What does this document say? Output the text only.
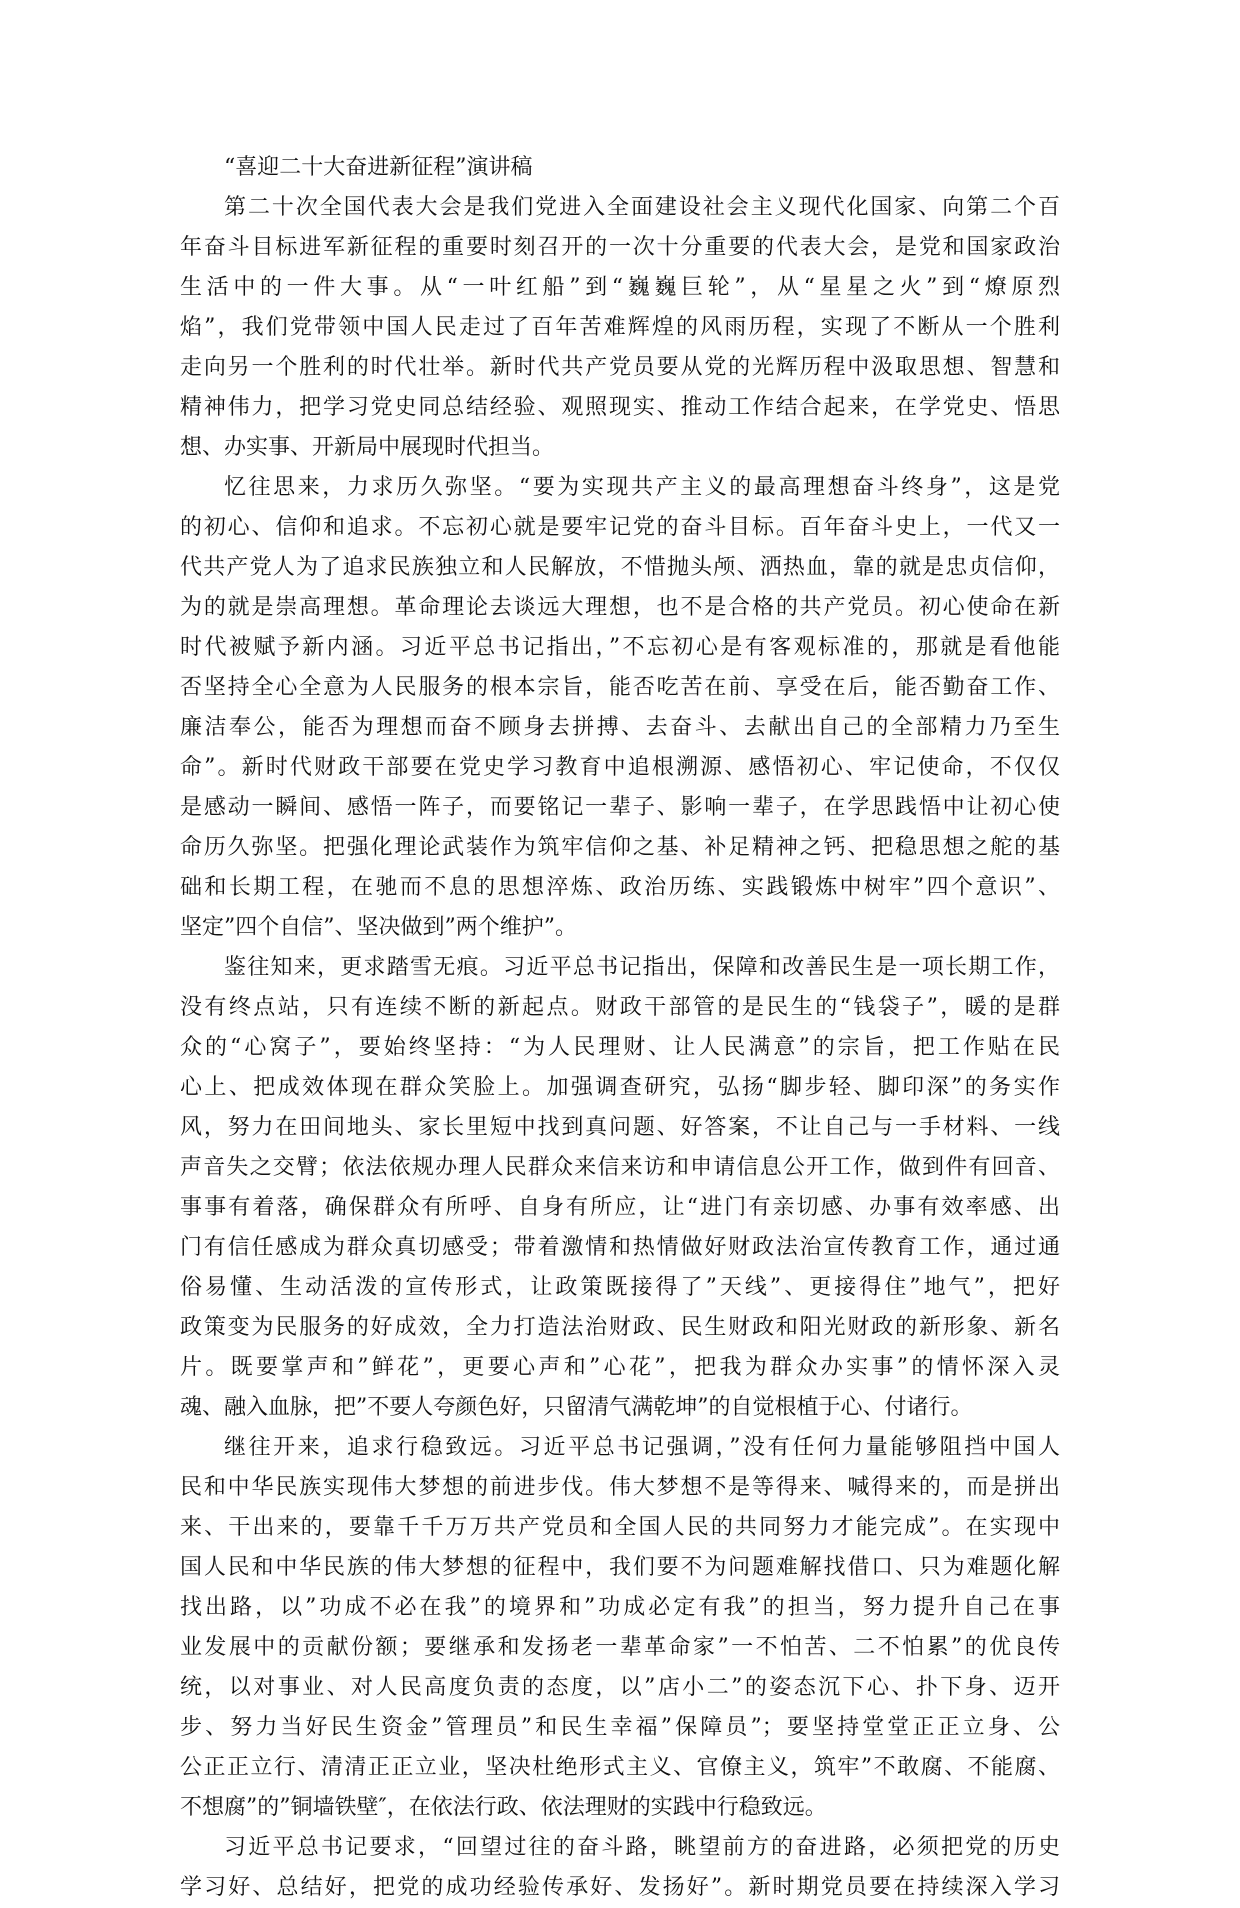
“喜迎二十大奋进新征程”演讲稿
第二十次全国代表大会是我们党进入全面建设社会主义现代化国家、向第二个百
年奋斗目标进军新征程的重要时刻召开的一次十分重要的代表大会，是党和国家政治
生活中的一件大事。从“一叶红船”到“巍巍巨轮”，从“星星之火”到“燎原烈
焰”，我们党带领中国人民走过了百年苦难辉煌的风雨历程，实现了不断从一个胜利
走向另一个胜利的时代壮举。新时代共产党员要从党的光辉历程中汲取思想、智慧和
精神伟力，把学习党史同总结经验、观照现实、推动工作结合起来，在学党史、悟思
想、办实事、开新局中展现时代担当。
忆往思来，力求历久弥坚。“要为实现共产主义的最高理想奋斗终身”，这是党
的初心、信仰和追求。不忘初心就是要牢记党的奋斗目标。百年奋斗史上，一代又一
代共产党人为了追求民族独立和人民解放，不惜抛头颅、洒热血，靠的就是忠贞信仰，
为的就是崇高理想。革命理论去谈远大理想，也不是合格的共产党员。初心使命在新
时代被赋予新内涵。习近平总书记指出，”不忘初心是有客观标准的，那就是看他能
否坚持全心全意为人民服务的根本宗旨，能否吃苦在前、享受在后，能否勤奋工作、
廉洁奉公，能否为理想而奋不顾身去拼搏、去奋斗、去献出自己的全部精力乃至生
命”。新时代财政干部要在党史学习教育中追根溯源、感悟初心、牢记使命，不仅仅
是感动一瞬间、感悟一阵子，而要铭记一辈子、影响一辈子，在学思践悟中让初心使
命历久弥坚。把强化理论武装作为筑牢信仰之基、补足精神之钙、把稳思想之舵的基
础和长期工程，在驰而不息的思想淬炼、政治历练、实践锻炼中树牢”四个意识”、
坚定”四个自信”、坚决做到”两个维护”。
鉴往知来，更求踏雪无痕。习近平总书记指出，保障和改善民生是一项长期工作，
没有终点站，只有连续不断的新起点。财政干部管的是民生的“钱袋子”，暖的是群
众的“心窝子”，要始终坚持：“为人民理财、让人民满意”的宗旨，把工作贴在民
心上、把成效体现在群众笑脸上。加强调查研究，弘扬“脚步轻、脚印深”的务实作
风，努力在田间地头、家长里短中找到真问题、好答案，不让自己与一手材料、一线
声音失之交臂；依法依规办理人民群众来信来访和申请信息公开工作，做到件有回音、
事事有着落，确保群众有所呼、自身有所应，让“进门有亲切感、办事有效率感、出
门有信任感成为群众真切感受；带着激情和热情做好财政法治宣传教育工作，通过通
俗易懂、生动活泼的宣传形式，让政策既接得了”天线”、更接得住”地气”，把好
政策变为民服务的好成效，全力打造法治财政、民生财政和阳光财政的新形象、新名
片。既要掌声和”鲜花”，更要心声和”心花”，把我为群众办实事”的情怀深入灵
魂、融入血脉，把”不要人夸颜色好，只留清气满乾坤”的自觉根植于心、付诸行。
继往开来，追求行稳致远。习近平总书记强调，”没有任何力量能够阻挡中国人
民和中华民族实现伟大梦想的前进步伐。伟大梦想不是等得来、喊得来的，而是拼出
来、干出来的，要靠千千万万共产党员和全国人民的共同努力才能完成”。在实现中
国人民和中华民族的伟大梦想的征程中，我们要不为问题难解找借口、只为难题化解
找出路，以”功成不必在我”的境界和”功成必定有我”的担当，努力提升自己在事
业发展中的贡献份额；要继承和发扬老一辈革命家”一不怕苦、二不怕累”的优良传
统，以对事业、对人民高度负责的态度，以”店小二”的姿态沉下心、扑下身、迈开
步、努力当好民生资金”管理员”和民生幸福”保障员”；要坚持堂堂正正立身、公
公正正立行、清清正正立业，坚决杜绝形式主义、官僚主义，筑牢”不敢腐、不能腐、
不想腐”的”铜墙铁壁″，在依法行政、依法理财的实践中行稳致远。
习近平总书记要求，“回望过往的奋斗路，眺望前方的奋进路，必须把党的历史
学习好、总结好，把党的成功经验传承好、发扬好”。新时期党员要在持续深入学习
